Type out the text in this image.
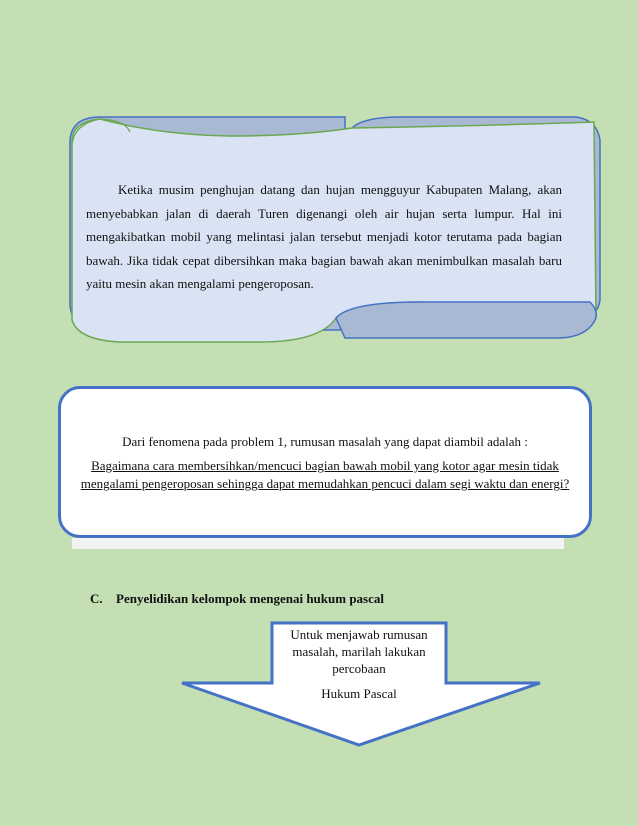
Ketika musim penghujan datang dan hujan mengguyur Kabupaten Malang, akan menyebabkan jalan di daerah Turen digenangi oleh air hujan serta lumpur. Hal ini mengakibatkan mobil yang melintasi jalan tersebut menjadi kotor terutama pada bagian bawah. Jika tidak cepat dibersihkan maka bagian bawah akan menimbulkan masalah baru yaitu mesin akan mengalami pengeroposan.

Dari fenomena pada problem 1, rumusan masalah yang dapat diambil adalah :

Bagaimana cara membersihkan/mencuci bagian bawah mobil yang kotor agar mesin tidak mengalami pengeroposan sehingga dapat memudahkan pencuci dalam segi waktu dan energi?

C. Penyelidikan kelompok mengenai hukum pascal

Untuk menjawab rumusan masalah, marilah lakukan percobaan

Hukum Pascal
